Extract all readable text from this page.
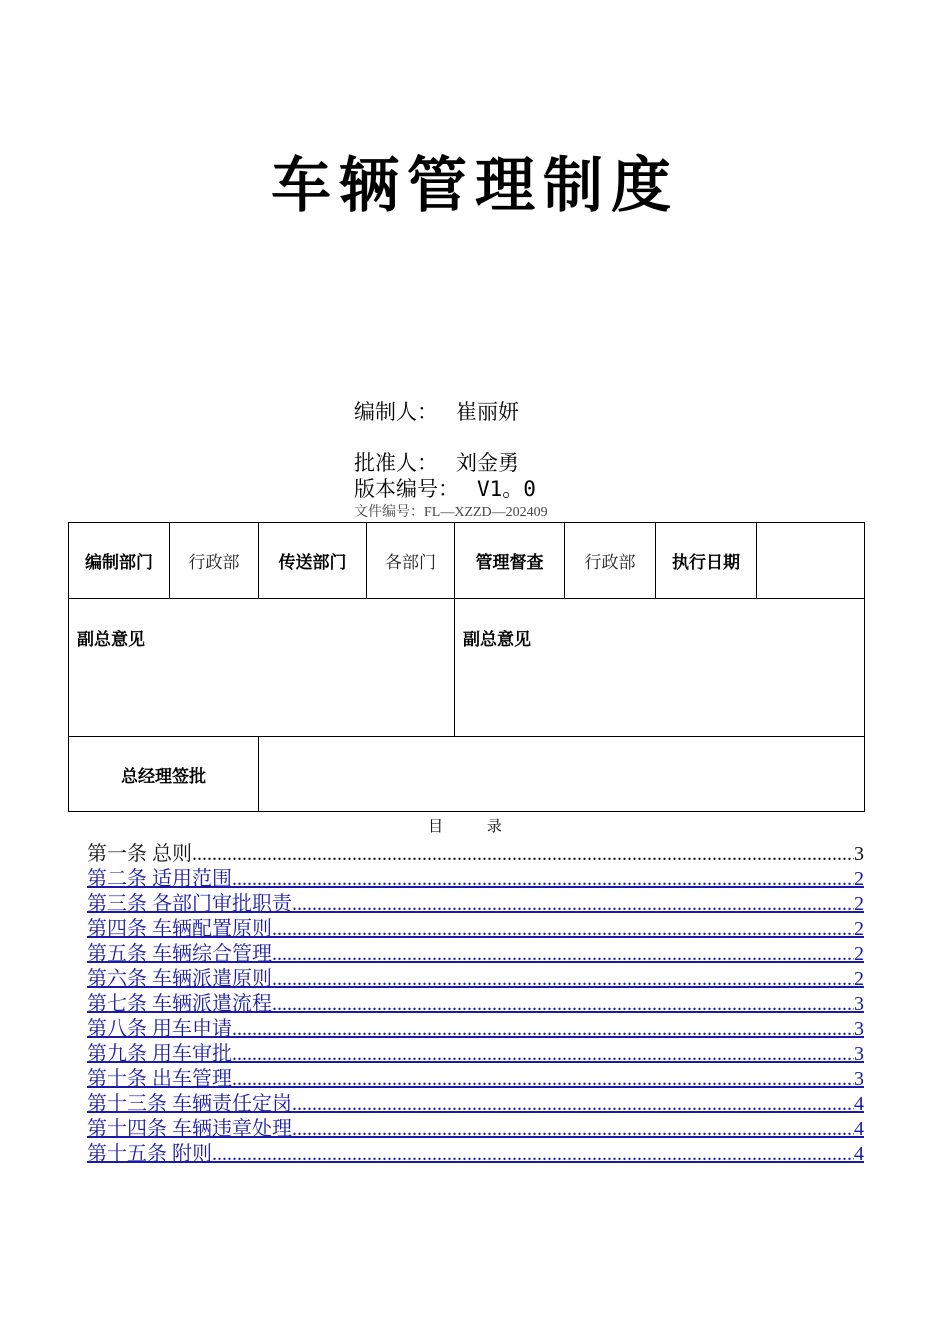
车辆管理制度
编制人： 崔丽妍
批准人： 刘金勇
版本编号： V1。0
文件编号：FL—XZZD—202409
编制部门	行政部	传送部门	各部门	管理督查	行政部	执行日期	
副总意见				副总意见			
总经理签批							
目 录
第一条 总则 .....	3
第二条 适用范围 .....	2
第三条 各部门审批职责 .....	2
第四条 车辆配置原则 .....	2
第五条 车辆综合管理 .....	2
第六条 车辆派遣原则 .....	2
第七条 车辆派遣流程 .....	3
第八条 用车申请 .....	3
第九条 用车审批 .....	3
第十条 出车管理 .....	3
第十三条 车辆责任定岗 .....	4
第十四条 车辆违章处理 .....	4
第十五条 附则 .....	4
